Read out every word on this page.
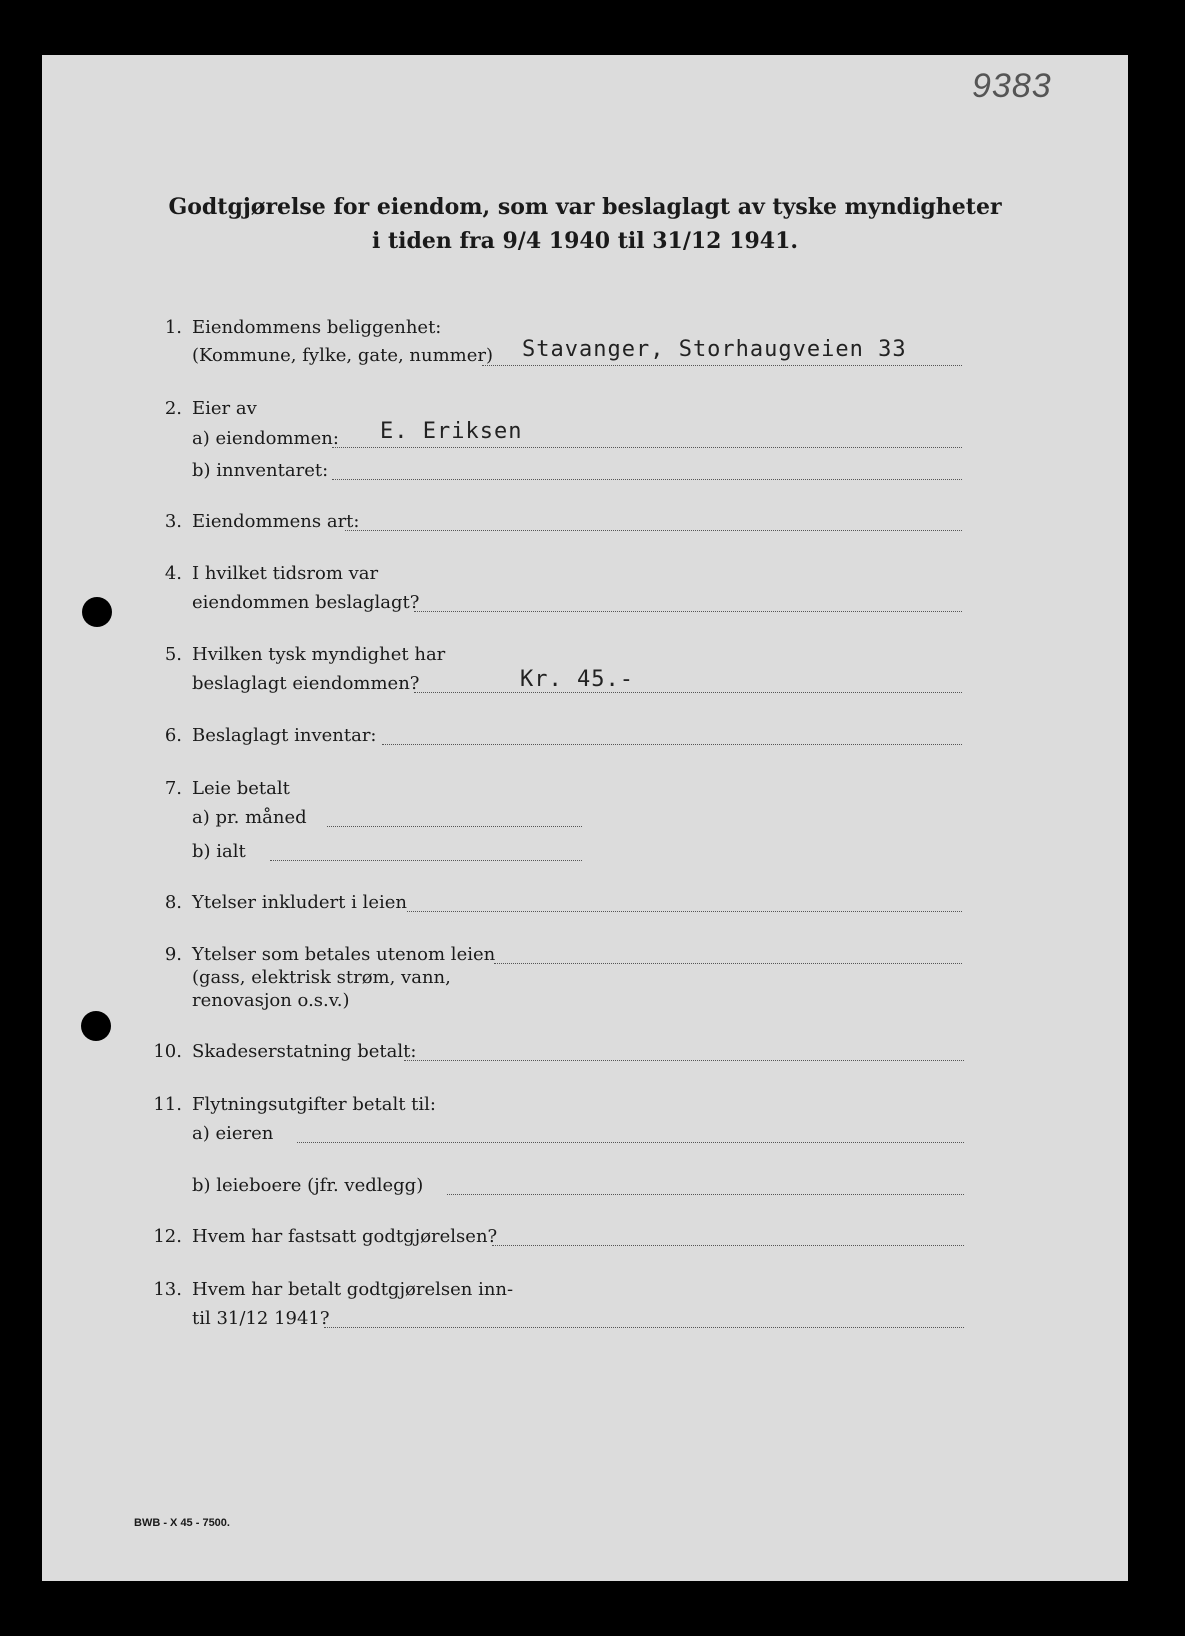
9383
Godtgjørelse for eiendom, som var beslaglagt av tyske myndigheter
i tiden fra 9/4 1940 til 31/12 1941.
1. Eiendommens beliggenhet:
(Kommune, fylke, gate, nummer) Stavanger, Storhaugveien 33
2. Eier av
a) eiendommen: E. Eriksen
b) innventaret:
3. Eiendommens art:
4. I hvilket tidsrom var
eiendommen beslaglagt?
5. Hvilken tysk myndighet har
beslaglagt eiendommen?	Kr. 45.-
6. Beslaglagt inventar:
7. Leie betalt
a) pr. måned
b) ialt
8. Ytelser inkludert i leien
9. Ytelser som betales utenom leien
(gass, elektrisk strøm, vann,
renovasjon o.s.v.)
10. Skadeserstatning betalt:
11. Flytningsutgifter betalt til:
a) eieren
b) leieboere (jfr. vedlegg)
12. Hvem har fastsatt godtgjørelsen?
13. Hvem har betalt godtgjørelsen inn-
til 31/12 1941?
BWB - X 45 - 7500.
